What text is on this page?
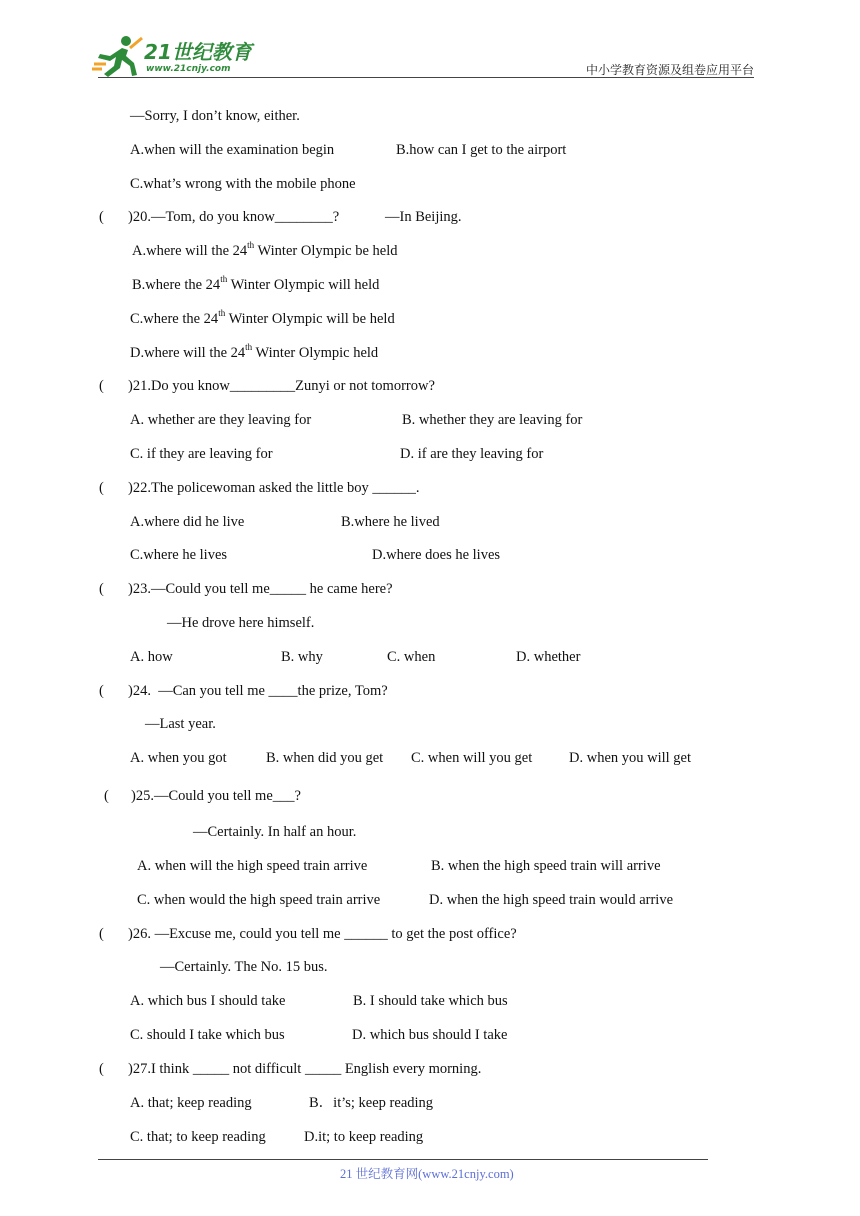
21世纪教育
www.21cnjy.com	中小学教育资源及组卷应用平台
—Sorry, I don’t know, either.
A.when will the examination begin	B.how can I get to the airport
C.what’s wrong with the mobile phone
( )20.—Tom, do you know________?	—In Beijing.
A.where will the 24th Winter Olympic be held
B.where the 24th Winter Olympic will held
C.where the 24th Winter Olympic will be held
D.where will the 24th Winter Olympic held
( )21.Do you know_________Zunyi or not tomorrow?
A. whether are they leaving for	B. whether they are leaving for
C. if they are leaving for	D. if are they leaving for
( )22.The policewoman asked the little boy ______.
A.where did he live	B.where he lived
C.where he lives	D.where does he lives
( )23.—Could you tell me_____ he came here?
—He drove here himself.
A. how	B. why	C. when	D. whether
( )24.  —Can you tell me ____the prize, Tom?
—Last year.
A. when you got	B. when did you get C. when will you get	D. when you will get
( )25.—Could you tell me___?
—Certainly. In half an hour.
A. when will the high speed train arrive	B. when the high speed train will arrive
C. when would the high speed train arrive	D. when the high speed train would arrive
( )26. —Excuse me, could you tell me ______ to get the post office?
—Certainly. The No. 15 bus.
A. which bus I should take	B. I should take which bus
C. should I take which bus	D. which bus should I take
( )27.I think _____ not difficult _____ English every morning.
A. that; keep reading	B．it’s; keep reading
C. that; to keep reading	D.it; to keep reading
21 世纪教育网(www.21cnjy.com)
